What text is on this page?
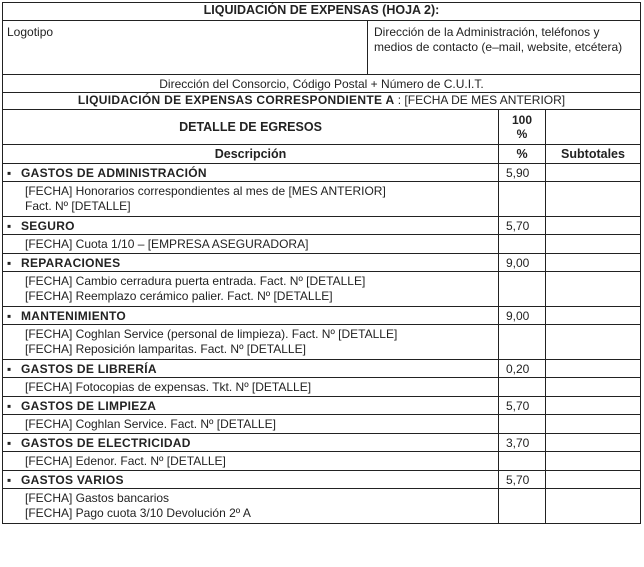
LIQUIDACIÓN DE EXPENSAS (HOJA 2):			
Logotipo	Dirección de la Administración, teléfonos y medios de contacto (e–mail, website, etcétera)		
Dirección del Consorcio, Código Postal + Número de C.U.I.T.			
LIQUIDACIÓN DE EXPENSAS CORRESPONDIENTE A : [FECHA DE MES ANTERIOR]			
DETALLE DE EGRESOS		100
%	
Descripción		%	Subtotales
▪ GASTOS DE ADMINISTRACIÓN		5,90	

[FECHA] Honorarios correspondientes al mes de [MES ANTERIOR]
Fact. Nº [DETALLE]			

▪ SEGURO		5,70	

[FECHA] Cuota 1/10 – [EMPRESA ASEGURADORA]			

▪ REPARACIONES		9,00	

[FECHA] Cambio cerradura puerta entrada. Fact. Nº [DETALLE]
[FECHA] Reemplazo cerámico palier. Fact. Nº [DETALLE]			

▪ MANTENIMIENTO		9,00	

[FECHA] Coghlan Service (personal de limpieza). Fact. Nº [DETALLE]
[FECHA] Reposición lamparitas. Fact. Nº [DETALLE]			

▪ GASTOS DE LIBRERÍA		0,20	

[FECHA] Fotocopias de expensas. Tkt. Nº [DETALLE]			

▪ GASTOS DE LIMPIEZA		5,70	

[FECHA] Coghlan Service. Fact. Nº [DETALLE]			

▪ GASTOS DE ELECTRICIDAD		3,70	

[FECHA] Edenor. Fact. Nº [DETALLE]			

▪ GASTOS VARIOS		5,70	

[FECHA] Gastos bancarios
[FECHA] Pago cuota 3/10 Devolución 2º A			
